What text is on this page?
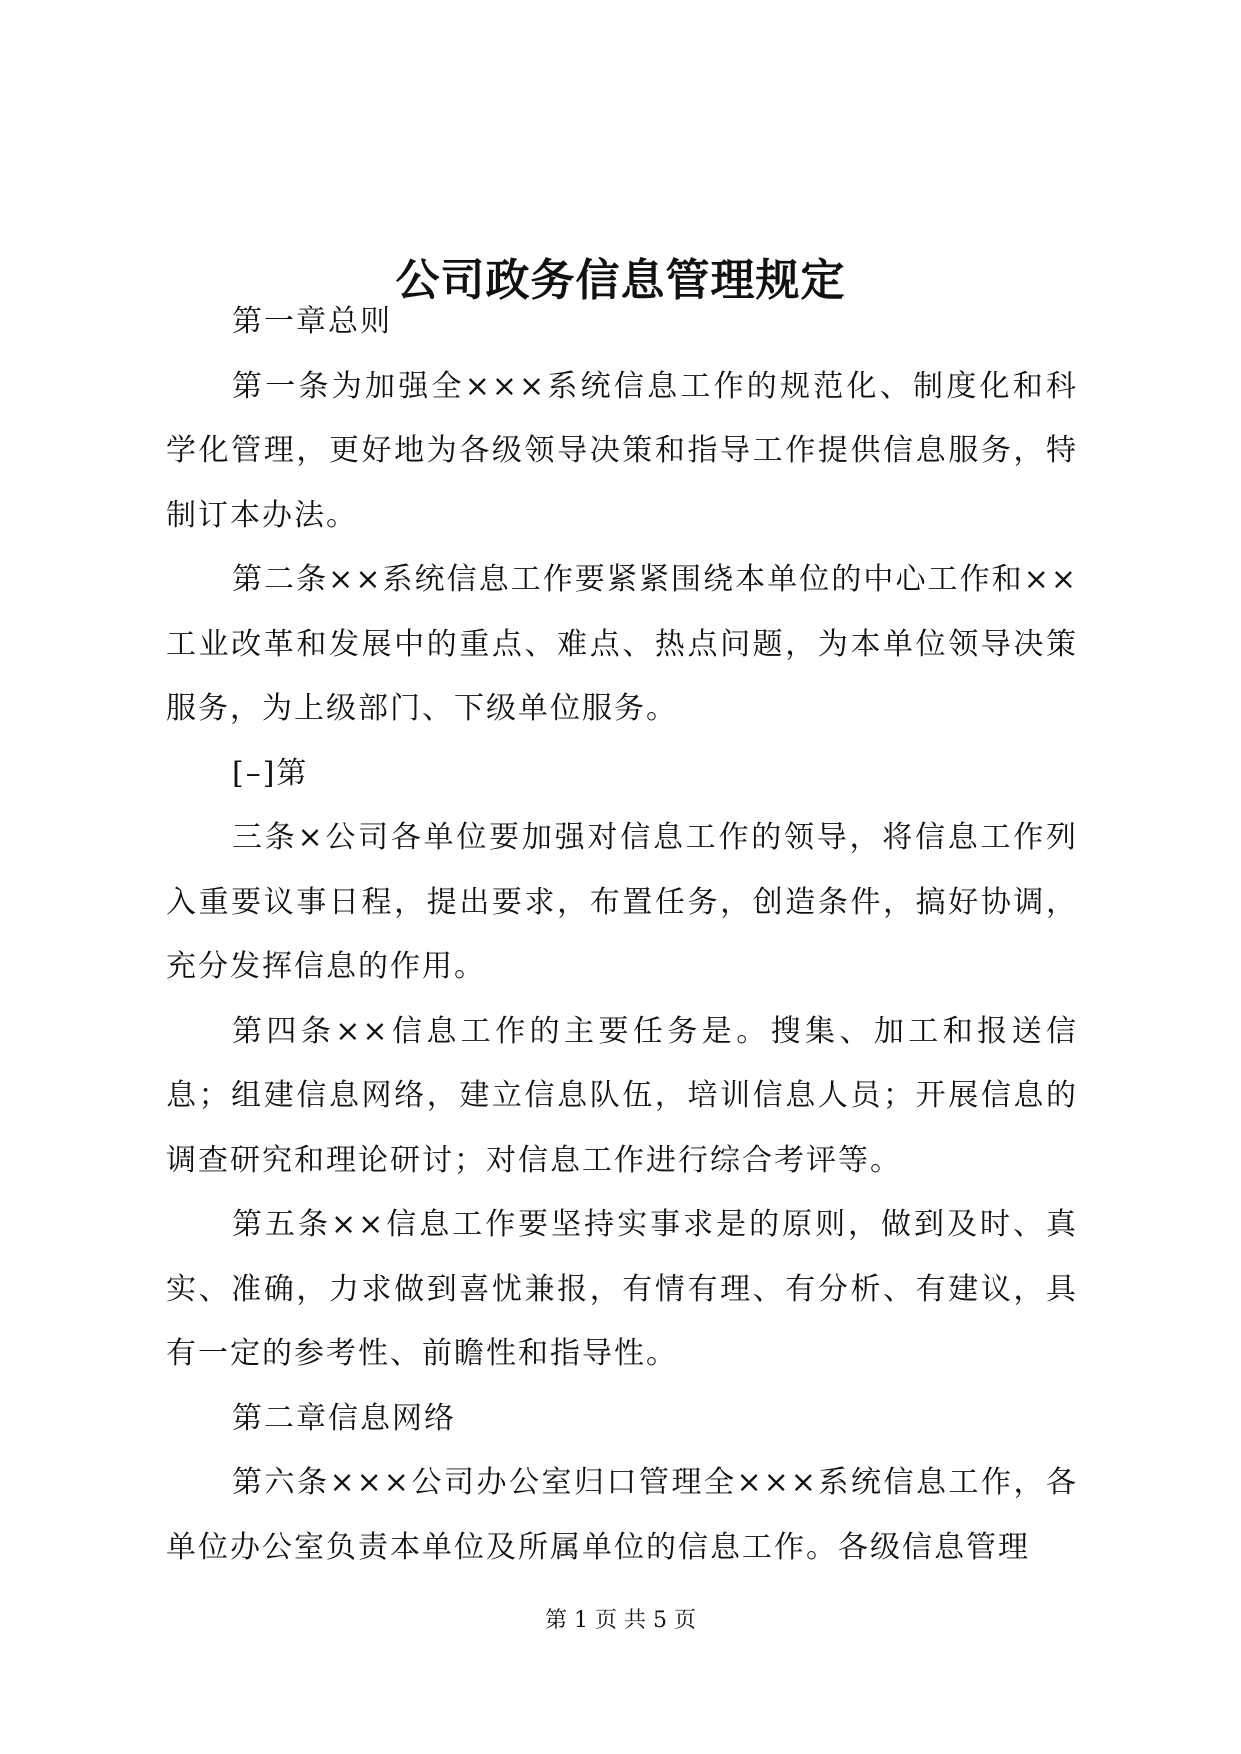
公司政务信息管理规定

第一章总则

第一条为加强全×××系统信息工作的规范化、制度化和科学化管理，更好地为各级领导决策和指导工作提供信息服务，特制订本办法。

第二条××系统信息工作要紧紧围绕本单位的中心工作和××工业改革和发展中的重点、难点、热点问题，为本单位领导决策服务，为上级部门、下级单位服务。

[–]第

三条×公司各单位要加强对信息工作的领导，将信息工作列入重要议事日程，提出要求，布置任务，创造条件，搞好协调，充分发挥信息的作用。

第四条××信息工作的主要任务是。搜集、加工和报送信息；组建信息网络，建立信息队伍，培训信息人员；开展信息的调查研究和理论研讨；对信息工作进行综合考评等。

第五条××信息工作要坚持实事求是的原则，做到及时、真实、准确，力求做到喜忧兼报，有情有理、有分析、有建议，具有一定的参考性、前瞻性和指导性。

第二章信息网络

第六条×××公司办公室归口管理全×××系统信息工作，各单位办公室负责本单位及所属单位的信息工作。各级信息管理

第 1 页 共 5 页
